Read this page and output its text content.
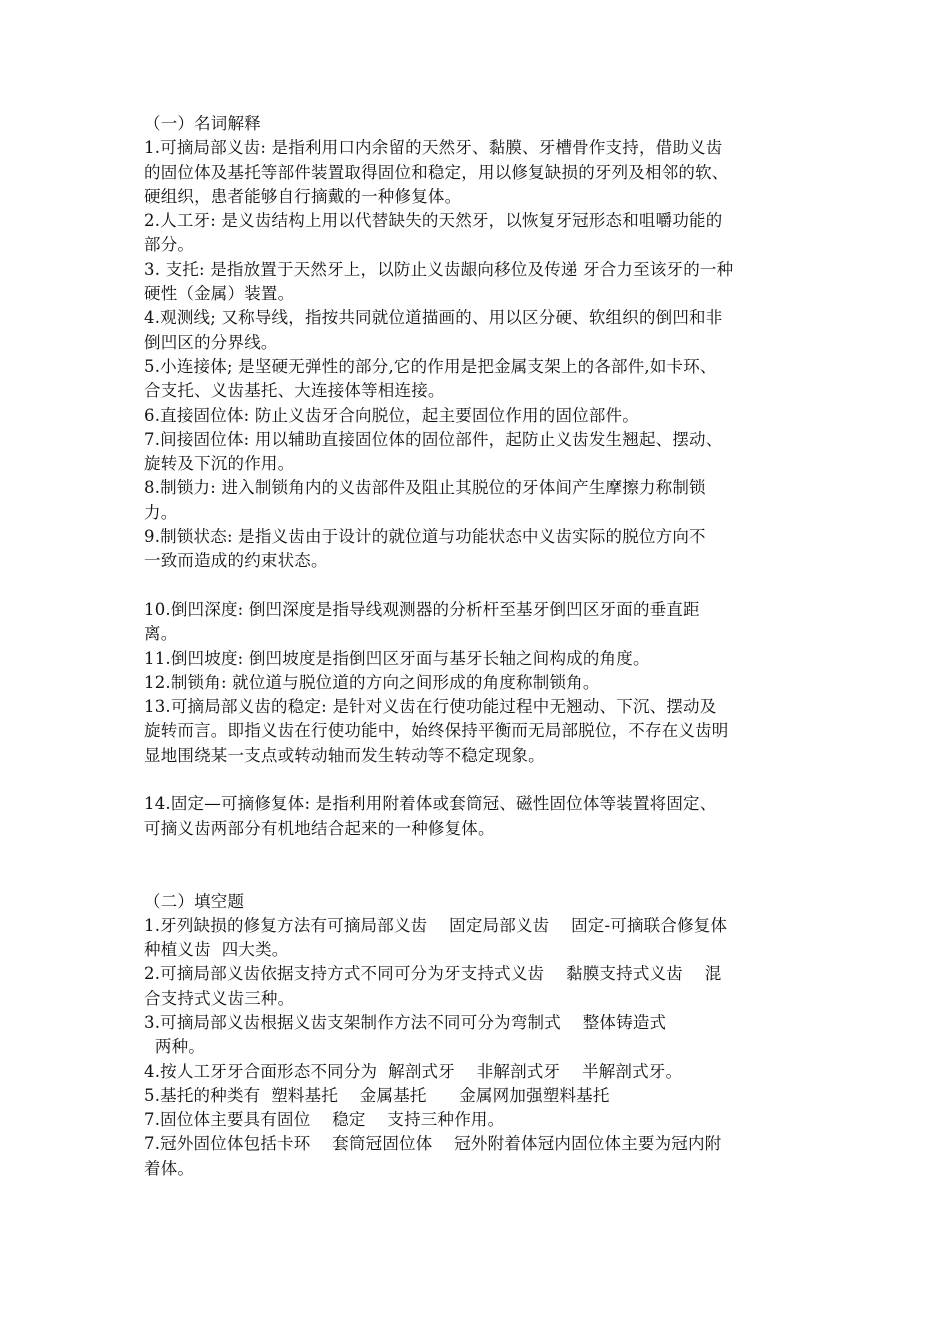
（一）名词解释
1.可摘局部义齿: 是指利用口内余留的天然牙、黏膜、牙槽骨作支持，借助义齿
的固位体及基托等部件装置取得固位和稳定，用以修复缺损的牙列及相邻的软、
硬组织，患者能够自行摘戴的一种修复体。
2.人工牙: 是义齿结构上用以代替缺失的天然牙，以恢复牙冠形态和咀嚼功能的
部分。
3. 支托: 是指放置于天然牙上，以防止义齿龈向移位及传递 牙合力至该牙的一种
硬性（金属）装置。
4.观测线; 又称导线，指按共同就位道描画的、用以区分硬、软组织的倒凹和非
倒凹区的分界线。
5.小连接体; 是坚硬无弹性的部分,它的作用是把金属支架上的各部件,如卡环、
合支托、义齿基托、大连接体等相连接。
6.直接固位体: 防止义齿牙合向脱位，起主要固位作用的固位部件。
7.间接固位体: 用以辅助直接固位体的固位部件，起防止义齿发生翘起、摆动、
旋转及下沉的作用。
8.制锁力: 进入制锁角内的义齿部件及阻止其脱位的牙体间产生摩擦力称制锁
力。
9.制锁状态: 是指义齿由于设计的就位道与功能状态中义齿实际的脱位方向不
一致而造成的约束状态。
10.倒凹深度: 倒凹深度是指导线观测器的分析杆至基牙倒凹区牙面的垂直距
离。
11.倒凹坡度: 倒凹坡度是指倒凹区牙面与基牙长轴之间构成的角度。
12.制锁角: 就位道与脱位道的方向之间形成的角度称制锁角。
13.可摘局部义齿的稳定: 是针对义齿在行使功能过程中无翘动、下沉、摆动及
旋转而言。即指义齿在行使功能中，始终保持平衡而无局部脱位，不存在义齿明
显地围绕某一支点或转动轴而发生转动等不稳定现象。
14.固定—可摘修复体: 是指利用附着体或套筒冠、磁性固位体等装置将固定、
可摘义齿两部分有机地结合起来的一种修复体。
（二）填空题
1.牙列缺损的修复方法有可摘局部义齿    固定局部义齿    固定-可摘联合修复体
种植义齿  四大类。
2.可摘局部义齿依据支持方式不同可分为牙支持式义齿    黏膜支持式义齿    混
合支持式义齿三种。
3.可摘局部义齿根据义齿支架制作方法不同可分为弯制式    整体铸造式
两种。
4.按人工牙牙合面形态不同分为  解剖式牙    非解剖式牙    半解剖式牙。
5.基托的种类有  塑料基托    金属基托      金属网加强塑料基托
7.固位体主要具有固位    稳定    支持三种作用。
7.冠外固位体包括卡环    套筒冠固位体    冠外附着体冠内固位体主要为冠内附
着体。
